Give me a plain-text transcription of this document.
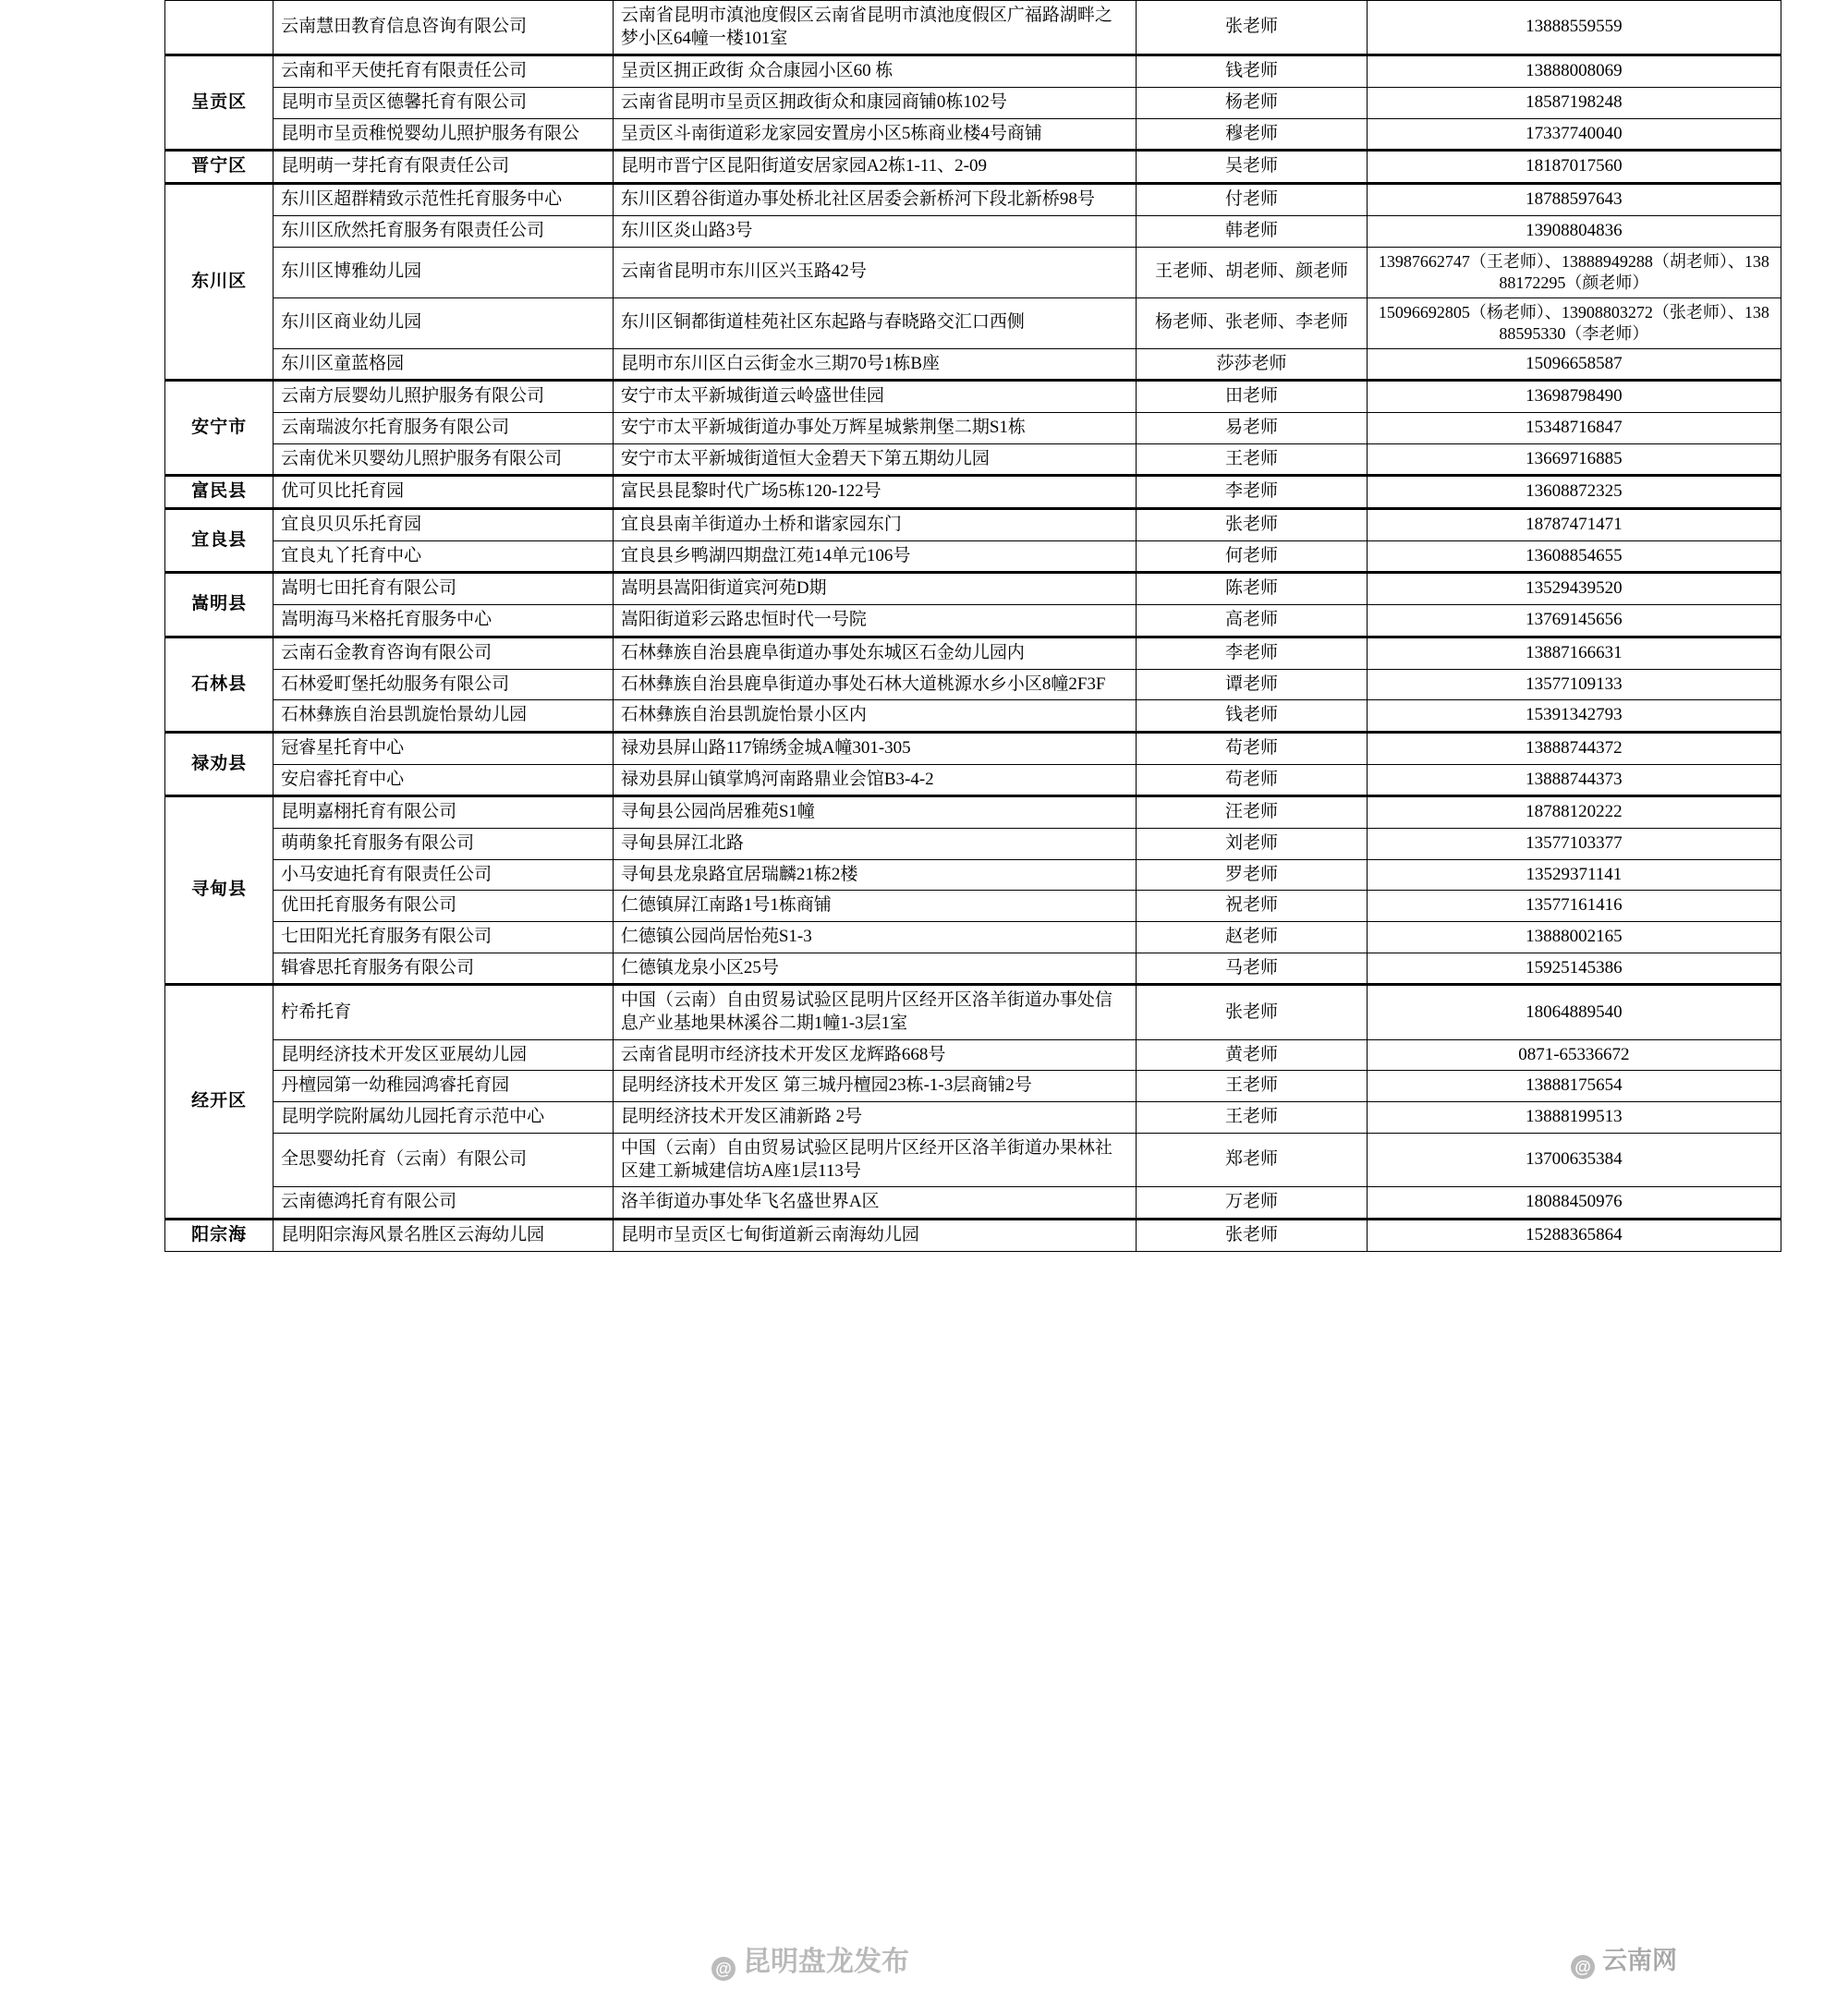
	云南慧田教育信息咨询有限公司	云南省昆明市滇池度假区云南省昆明市滇池度假区广福路湖畔之梦小区64幢一楼101室	张老师	13888559559
呈贡区	云南和平天使托育有限责任公司	呈贡区拥正政街 众合康园小区60 栋	钱老师	13888008069
	昆明市呈贡区德馨托育有限公司	云南省昆明市呈贡区拥政街众和康园商铺0栋102号	杨老师	18587198248
	昆明市呈贡稚悦婴幼儿照护服务有限公	呈贡区斗南街道彩龙家园安置房小区5栋商业楼4号商铺	穆老师	17337740040
晋宁区	昆明萌一芽托育有限责任公司	昆明市晋宁区昆阳街道安居家园A2栋1-11、2-09	吴老师	18187017560
东川区	东川区超群精致示范性托育服务中心	东川区碧谷街道办事处桥北社区居委会新桥河下段北新桥98号	付老师	18788597643
	东川区欣然托育服务有限责任公司	东川区炎山路3号	韩老师	13908804836
	东川区博雅幼儿园	云南省昆明市东川区兴玉路42号	王老师、胡老师、颜老师	13987662747（王老师）、13888949288（胡老师）、13888172295（颜老师）
	东川区商业幼儿园	东川区铜都街道桂苑社区东起路与春晓路交汇口西侧	杨老师、张老师、李老师	15096692805（杨老师）、13908803272（张老师）、13888595330（李老师）
	东川区童蓝格园	昆明市东川区白云街金水三期70号1栋B座	莎莎老师	15096658587
安宁市	云南方辰婴幼儿照护服务有限公司	安宁市太平新城街道云岭盛世佳园	田老师	13698798490
	云南瑞波尔托育服务有限公司	安宁市太平新城街道办事处万辉星城紫荆堡二期S1栋	易老师	15348716847
	云南优米贝婴幼儿照护服务有限公司	安宁市太平新城街道恒大金碧天下第五期幼儿园	王老师	13669716885
富民县	优可贝比托育园	富民县昆黎时代广场5栋120-122号	李老师	13608872325
宜良县	宜良贝贝乐托育园	宜良县南羊街道办土桥和谐家园东门	张老师	18787471471
	宜良丸丫托育中心	宜良县乡鸭湖四期盘江苑14单元106号	何老师	13608854655
嵩明县	嵩明七田托育有限公司	嵩明县嵩阳街道宾河苑D期	陈老师	13529439520
	嵩明海马米格托育服务中心	嵩阳街道彩云路忠恒时代一号院	高老师	13769145656
石林县	云南石金教育咨询有限公司	石林彝族自治县鹿阜街道办事处东城区石金幼儿园内	李老师	13887166631
	石林爱町堡托幼服务有限公司	石林彝族自治县鹿阜街道办事处石林大道桃源水乡小区8幢2F3F	谭老师	13577109133
	石林彝族自治县凯旋怡景幼儿园	石林彝族自治县凯旋怡景小区内	钱老师	15391342793
禄劝县	冠睿星托育中心	禄劝县屏山路117锦绣金城A幢301-305	苟老师	13888744372
	安启睿托育中心	禄劝县屏山镇掌鸠河南路鼎业会馆B3-4-2	苟老师	13888744373
寻甸县	昆明嘉栩托育有限公司	寻甸县公园尚居雅苑S1幢	汪老师	18788120222
	萌萌象托育服务有限公司	寻甸县屏江北路	刘老师	13577103377
	小马安迪托育有限责任公司	寻甸县龙泉路宜居瑞麟21栋2楼	罗老师	13529371141
	优田托育服务有限公司	仁德镇屏江南路1号1栋商铺	祝老师	13577161416
	七田阳光托育服务有限公司	仁德镇公园尚居怡苑S1-3	赵老师	13888002165
	辑睿思托育服务有限公司	仁德镇龙泉小区25号	马老师	15925145386
经开区	柠希托育	中国（云南）自由贸易试验区昆明片区经开区洛羊街道办事处信息产业基地果林溪谷二期1幢1-3层1室	张老师	18064889540
	昆明经济技术开发区亚展幼儿园	云南省昆明市经济技术开发区龙辉路668号	黄老师	0871-65336672
	丹檀园第一幼稚园鸿睿托育园	昆明经济技术开发区 第三城丹檀园23栋-1-3层商铺2号	王老师	13888175654
	昆明学院附属幼儿园托育示范中心	昆明经济技术开发区浦新路 2号	王老师	13888199513
	全思婴幼托育（云南）有限公司	中国（云南）自由贸易试验区昆明片区经开区洛羊街道办果林社区建工新城建信坊A座1层113号	郑老师	13700635384
	云南德鸿托育有限公司	洛羊街道办事处华飞名盛世界A区	万老师	18088450976
阳宗海	昆明阳宗海风景名胜区云海幼儿园	昆明市呈贡区七甸街道新云南海幼儿园	张老师	15288365864
@ 昆明盘龙发布	@ 云南网
